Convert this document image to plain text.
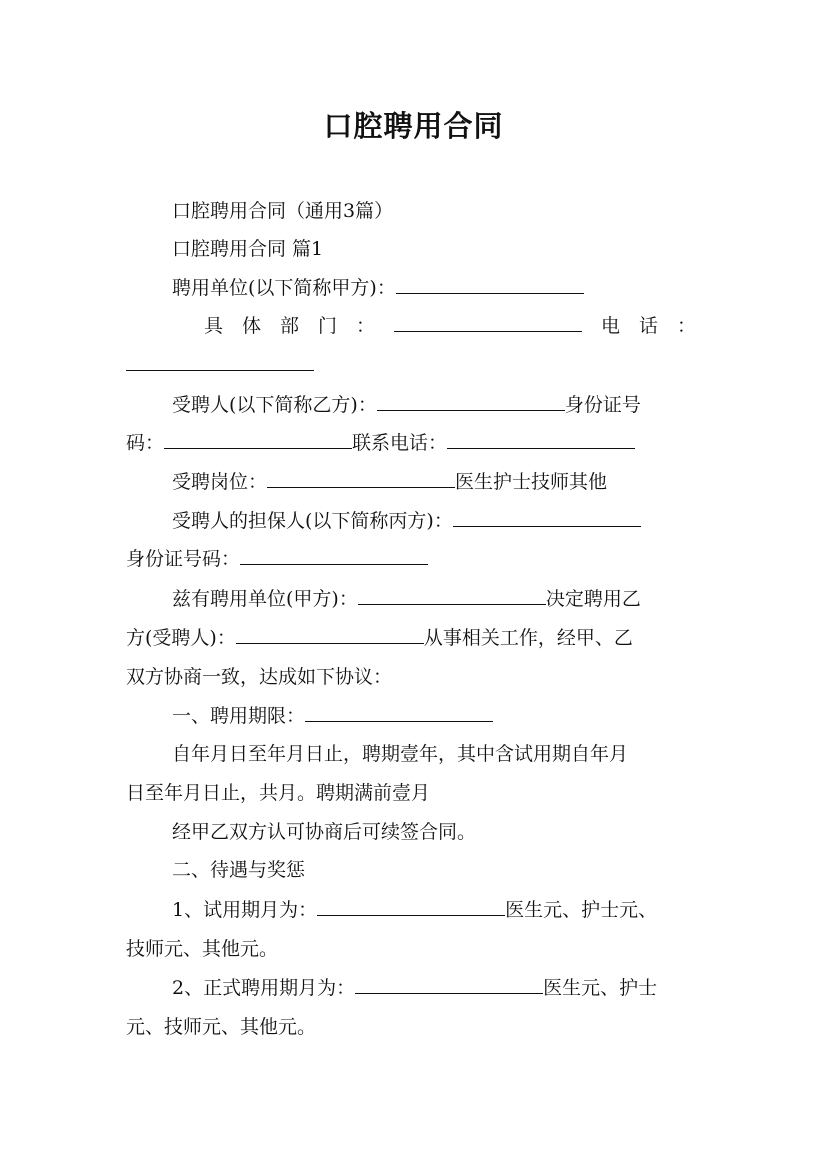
口腔聘用合同
口腔聘用合同（通用3篇）
口腔聘用合同 篇1
聘用单位(以下简称甲方)：
具 体 部 门 ：	电 话 ：
受聘人(以下简称乙方)：	身份证号
码：	联系电话：
受聘岗位：	医生护士技师其他
受聘人的担保人(以下简称丙方)：
身份证号码：
兹有聘用单位(甲方)：	决定聘用乙
方(受聘人)：	从事相关工作，经甲、乙
双方协商一致，达成如下协议：
一、聘用期限：
自年月日至年月日止，聘期壹年，其中含试用期自年月
日至年月日止，共月。聘期满前壹月
经甲乙双方认可协商后可续签合同。
二、待遇与奖惩
1、试用期月为：	医生元、护士元、
技师元、其他元。
2、正式聘用期月为：	医生元、护士
元、技师元、其他元。
